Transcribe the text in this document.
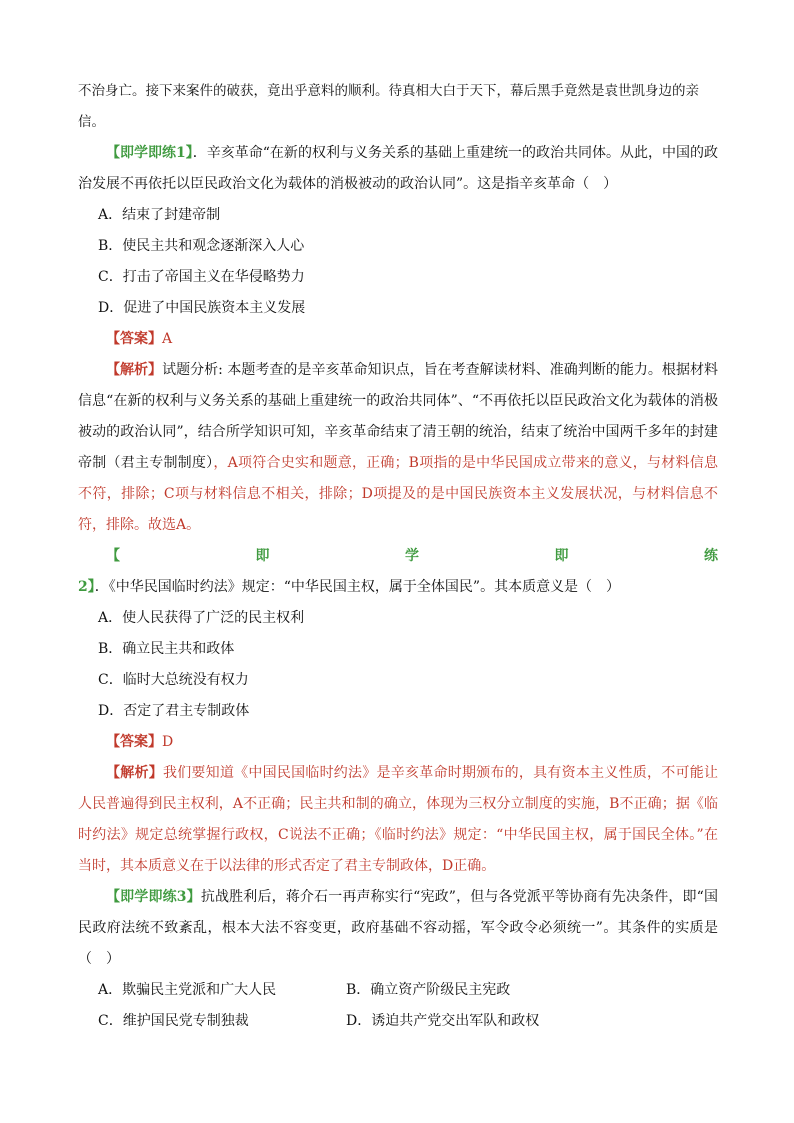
不治身亡。接下来案件的破获，竟出乎意料的顺利。待真相大白于天下，幕后黑手竟然是袁世凯身边的亲
信。

【即学即练1】．辛亥革命“在新的权利与义务关系的基础上重建统一的政治共同体。从此，中国的政治发展不再依托以臣民政治文化为载体的消极被动的政治认同”。这是指辛亥革命（　）

A．结束了封建帝制

B．使民主共和观念逐渐深入人心

C．打击了帝国主义在华侵略势力

D．促进了中国民族资本主义发展

【答案】A

【解析】试题分析: 本题考查的是辛亥革命知识点，旨在考查解读材料、准确判断的能力。根据材料信息“在新的权利与义务关系的基础上重建统一的政治共同体”、“不再依托以臣民政治文化为载体的消极被动的政治认同”，结合所学知识可知，辛亥革命结束了清王朝的统治，结束了统治中国两千多年的封建帝制（君主专制制度），A项符合史实和题意，正确；B项指的是中华民国成立带来的意义，与材料信息不符，排除；C项与材料信息不相关，排除；D项提及的是中国民族资本主义发展状况，与材料信息不符，排除。故选A。

【即学即练2】．《中华民国临时约法》规定：“中华民国主权，属于全体国民”。其本质意义是（　）

A．使人民获得了广泛的民主权利

B．确立民主共和政体

C．临时大总统没有权力

D．否定了君主专制政体

【答案】D

【解析】我们要知道《中国民国临时约法》是辛亥革命时期颁布的，具有资本主义性质，不可能让人民普遍得到民主权利，A不正确；民主共和制的确立，体现为三权分立制度的实施，B不正确；据《临时约法》规定总统掌握行政权，C说法不正确；《临时约法》规定：“中华民国主权，属于国民全体。”在当时，其本质意义在于以法律的形式否定了君主专制政体，D正确。

【即学即练3】抗战胜利后，蒋介石一再声称实行“宪政”，但与各党派平等协商有先决条件，即“国民政府法统不致紊乱，根本大法不容变更，政府基础不容动摇，军令政令必须统一”。其条件的实质是（　）

A．欺骗民主党派和广大人民	B．确立资产阶级民主宪政
C．维护国民党专制独裁	D．诱迫共产党交出军队和政权
